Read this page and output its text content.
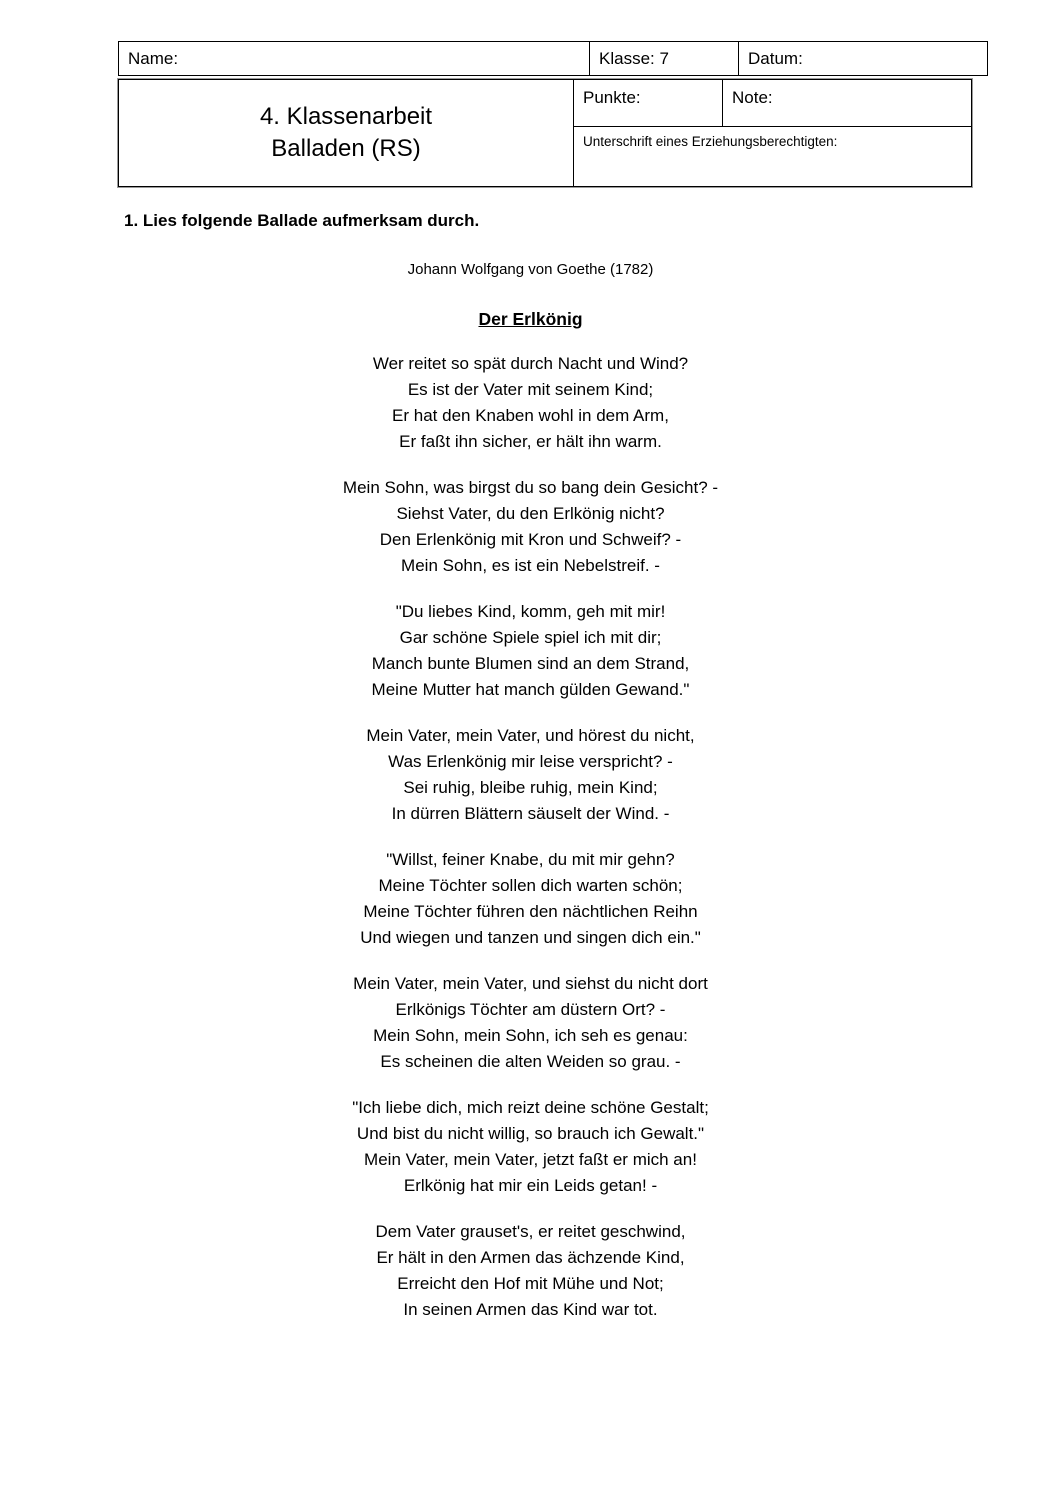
Name:	Klasse: 7	Datum:
4. Klassenarbeit
Balladen (RS)
	Punkte:	Note:
Unterschrift eines Erziehungsberechtigten:
1. Lies folgende Ballade aufmerksam durch.
Johann Wolfgang von Goethe (1782)
Der Erlkönig
Wer reitet so spät durch Nacht und Wind?
Es ist der Vater mit seinem Kind;
Er hat den Knaben wohl in dem Arm,
Er faßt ihn sicher, er hält ihn warm.
Mein Sohn, was birgst du so bang dein Gesicht? -
Siehst Vater, du den Erlkönig nicht?
Den Erlenkönig mit Kron und Schweif? -
Mein Sohn, es ist ein Nebelstreif. -
"Du liebes Kind, komm, geh mit mir!
Gar schöne Spiele spiel ich mit dir;
Manch bunte Blumen sind an dem Strand,
Meine Mutter hat manch gülden Gewand."
Mein Vater, mein Vater, und hörest du nicht,
Was Erlenkönig mir leise verspricht? -
Sei ruhig, bleibe ruhig, mein Kind;
In dürren Blättern säuselt der Wind. -
"Willst, feiner Knabe, du mit mir gehn?
Meine Töchter sollen dich warten schön;
Meine Töchter führen den nächtlichen Reihn
Und wiegen und tanzen und singen dich ein."
Mein Vater, mein Vater, und siehst du nicht dort
Erlkönigs Töchter am düstern Ort? -
Mein Sohn, mein Sohn, ich seh es genau:
Es scheinen die alten Weiden so grau. -
"Ich liebe dich, mich reizt deine schöne Gestalt;
Und bist du nicht willig, so brauch ich Gewalt."
Mein Vater, mein Vater, jetzt faßt er mich an!
Erlkönig hat mir ein Leids getan! -
Dem Vater grauset's, er reitet geschwind,
Er hält in den Armen das ächzende Kind,
Erreicht den Hof mit Mühe und Not;
In seinen Armen das Kind war tot.
